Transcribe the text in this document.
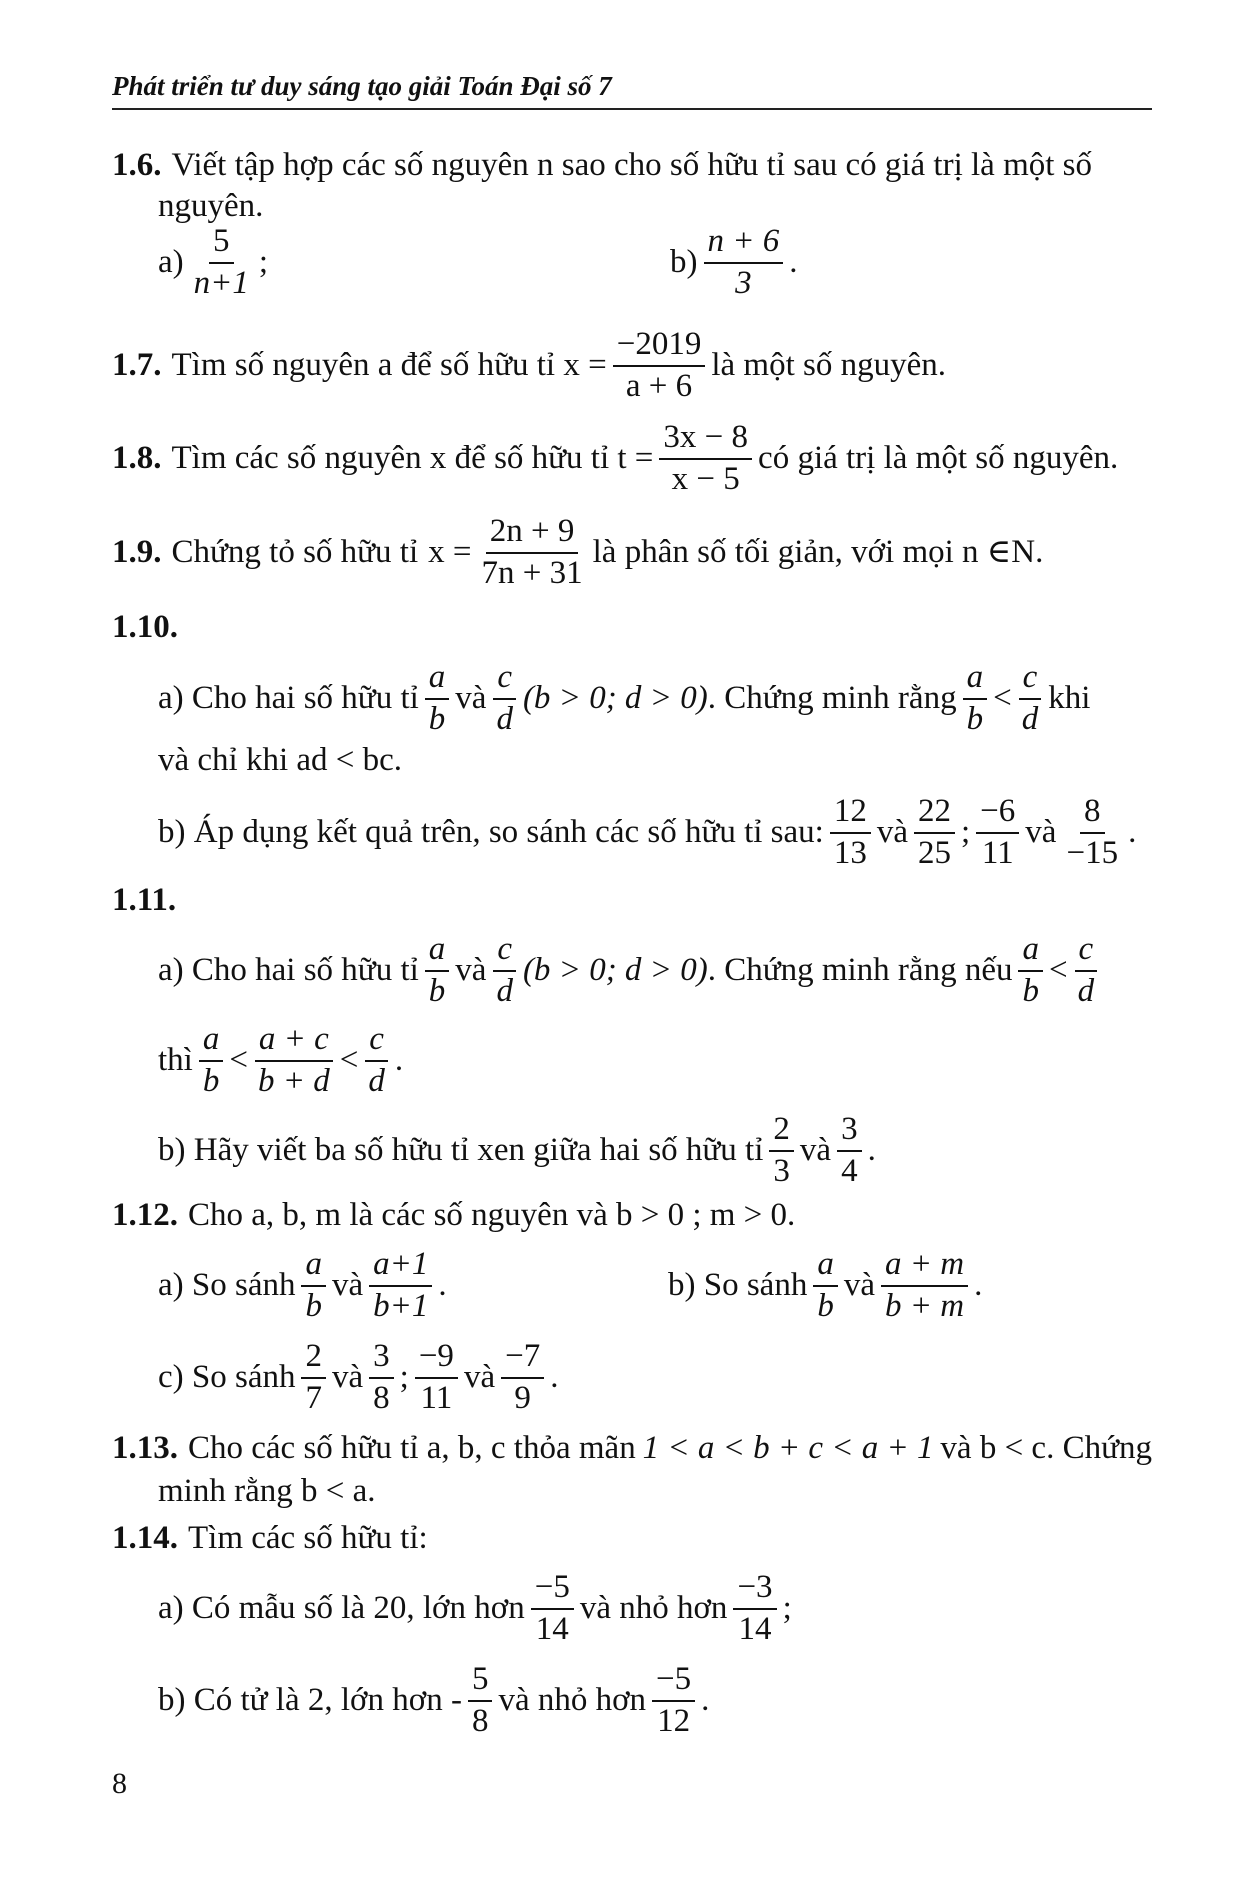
Phát triển tư duy sáng tạo giải Toán Đại số 7
1.6. Viết tập hợp các số nguyên n sao cho số hữu tỉ sau có giá trị là một số nguyên.
$a) \frac{5}{n+1}$ ;	$b) \frac{n + 6}{3}$ .
1.7. Tìm số nguyên a để số hữu tỉ $x = \frac{-2019}{a + 6}$ là một số nguyên.
1.8. Tìm các số nguyên x để số hữu tỉ $t = \frac{3x - 8}{x - 5}$ có giá trị là một số nguyên.
1.9. Chứng tỏ số hữu tỉ $x = \frac{2n + 9}{7n + 31}$ là phân số tối giản, với mọi n ∈N.
1.10.
a) Cho hai số hữu tỉ $\frac{a}{b}$ và $\frac{c}{d} (b > 0$; d > 0) . Chứng minh rằng $\frac{a}{b} < \frac{c}{d}$ khi
và chỉ khi ad < bc.
b) Áp dụng kết quả trên, so sánh các số hữu tỉ sau: $\frac{12}{13}$ và $\frac{22}{25}$ ; $\frac{-6}{11}$ và $\frac{8}{-15}$ .
1.11.
a) Cho hai số hữu tỉ $\frac{a}{b}$ và $\frac{c}{d} (b > 0$; d > 0) . Chứng minh rằng nếu $\frac{a}{b} < \frac{c}{d}$
thì $\frac{a}{b} < \frac{a + c}{b + d} < \frac{c}{d}$ .
b) Hãy viết ba số hữu tỉ xen giữa hai số hữu tỉ $\frac{2}{3}$ và $\frac{3}{4}$ .
1.12. Cho a, b, m là các số nguyên và b > 0 ; m > 0.
a) So sánh $\frac{a}{b}$ và $\frac{a+1}{b+1}$ .	b) So sánh $\frac{a}{b}$ và $\frac{a + m}{b + m}$ .
c) So sánh $\frac{2}{7}$ và $\frac{3}{8}$ ; $\frac{-9}{11}$ và $\frac{-7}{9}$ .
1.13. Cho các số hữu tỉ a, b, c thỏa mãn 1 < a < b + c < a + 1 và b < c. Chứng
minh rằng b < a.
1.14. Tìm các số hữu tỉ:
a) Có mẫu số là 20, lớn hơn $\frac{-5}{14}$ và nhỏ hơn $\frac{-3}{14}$ ;
b) Có tử là 2, lớn hơn - $\frac{5}{8}$ và nhỏ hơn $\frac{-5}{12}$ .
8
